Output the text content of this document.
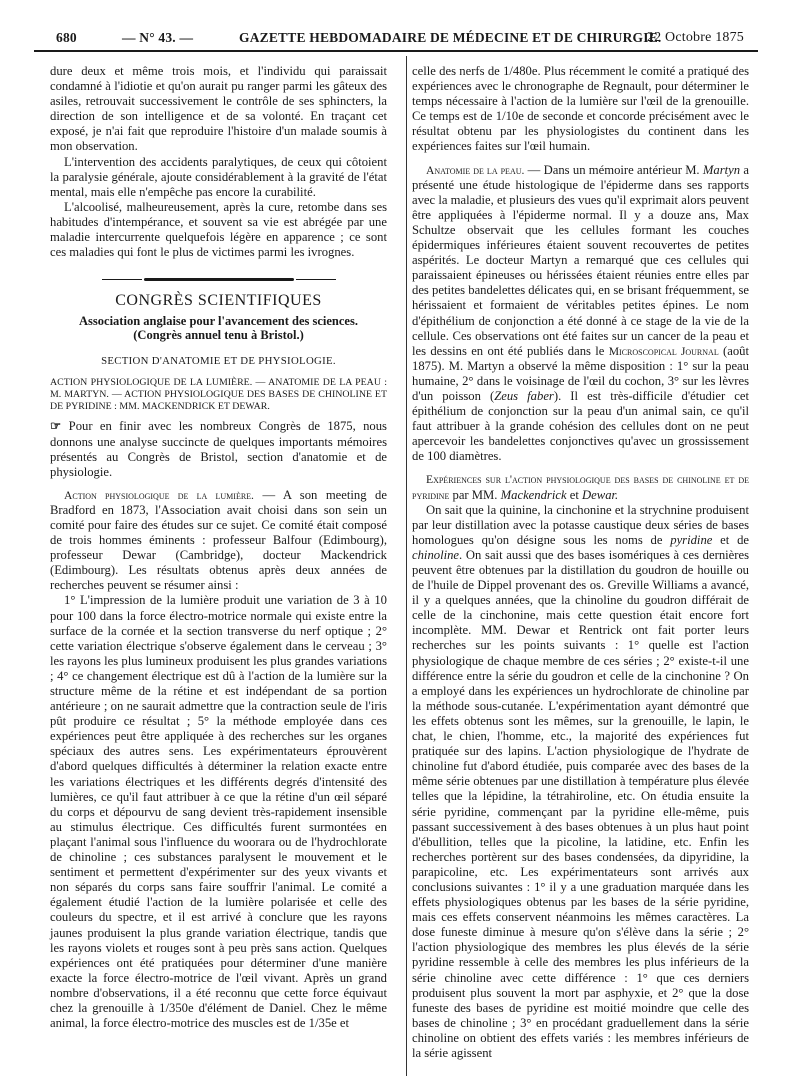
680	— N° 43. —	GAZETTE HEBDOMADAIRE DE MÉDECINE ET DE CHIRURGIE.
22 Octobre 1875

dure deux et même trois mois, et l'individu qui paraissait condamné à l'idiotie et qu'on aurait pu ranger parmi les gâteux des asiles, retrouvait successivement le contrôle de ses sphincters, la direction de son intelligence et de sa volonté. En traçant cet exposé, je n'ai fait que reproduire l'histoire d'un malade soumis à mon observation.

L'intervention des accidents paralytiques, de ceux qui côtoient la paralysie générale, ajoute considérablement à la gravité de l'état mental, mais elle n'empêche pas encore la curabilité.

L'alcoolisé, malheureusement, après la cure, retombe dans ses habitudes d'intempérance, et souvent sa vie est abrégée par une maladie intercurrente quelquefois légère en apparence ; ce sont ces maladies qui font le plus de victimes parmi les ivrognes.

CONGRÈS SCIENTIFIQUES
Association anglaise pour l'avancement des sciences.
(Congrès annuel tenu à Bristol.)
SECTION D'ANATOMIE ET DE PHYSIOLOGIE.

ACTION PHYSIOLOGIQUE DE LA LUMIÈRE. — ANATOMIE DE LA PEAU : M. MARTYN. — ACTION PHYSIOLOGIQUE DES BASES DE CHINOLINE ET DE PYRIDINE : MM. MACKENDRICK ET DEWAR.

☞ Pour en finir avec les nombreux Congrès de 1875, nous donnons une analyse succincte de quelques importants mémoires présentés au Congrès de Bristol, section d'anatomie et de physiologie.

Action physiologique de la lumière. — A son meeting de Bradford en 1873, l'Association avait choisi dans son sein un comité pour faire des études sur ce sujet. Ce comité était composé de trois hommes éminents : professeur Balfour (Edimbourg), professeur Dewar (Cambridge), docteur Mackendrick (Edimbourg). Les résultats obtenus après deux années de recherches peuvent se résumer ainsi :

1° L'impression de la lumière produit une variation de 3 à 10 pour 100 dans la force électro-motrice normale qui existe entre la surface de la cornée et la section transverse du nerf optique ; 2° cette variation électrique s'observe également dans le cerveau ; 3° les rayons les plus lumineux produisent les plus grandes variations ; 4° ce changement électrique est dû à l'action de la lumière sur la structure même de la rétine et est indépendant de sa portion antérieure ; on ne saurait admettre que la contraction seule de l'iris pût produire ce résultat ; 5° la méthode employée dans ces expériences peut être appliquée à des recherches sur les organes spéciaux des autres sens. Les expérimentateurs éprouvèrent d'abord quelques difficultés à déterminer la relation exacte entre les variations électriques et les différents degrés d'intensité des lumières, ce qu'il faut attribuer à ce que la rétine d'un œil séparé du corps et dépourvu de sang devient très-rapidement insensible au stimulus électrique. Ces difficultés furent surmontées en plaçant l'animal sous l'influence du woorara ou de l'hydrochlorate de chinoline ; ces substances paralysent le mouvement et le sentiment et permettent d'expérimenter sur des yeux vivants et non séparés du corps sans faire souffrir l'animal. Le comité a également étudié l'action de la lumière polarisée et celle des couleurs du spectre, et il est arrivé à conclure que les rayons jaunes produisent la plus grande variation électrique, tandis que les rayons violets et rouges sont à peu près sans action. Quelques expériences ont été pratiquées pour déterminer d'une manière exacte la force électro-motrice de l'œil vivant. Après un grand nombre d'observations, il a été reconnu que cette force équivaut chez la grenouille à 1/350e d'élément de Daniel. Chez le même animal, la force électro-motrice des muscles est de 1/35e et

celle des nerfs de 1/480e. Plus récemment le comité a pratiqué des expériences avec le chronographe de Regnault, pour déterminer le temps nécessaire à l'action de la lumière sur l'œil de la grenouille. Ce temps est de 1/10e de seconde et concorde précisément avec le résultat obtenu par les physiologistes du continent dans les expériences faites sur l'œil humain.

Anatomie de la peau. — Dans un mémoire antérieur M. Martyn a présenté une étude histologique de l'épiderme dans ses rapports avec la maladie, et plusieurs des vues qu'il exprimait alors peuvent être appliquées à l'épiderme normal. Il y a douze ans, Max Schultze observait que les cellules formant les couches épidermiques inférieures étaient souvent recouvertes de petites aspérités. Le docteur Martyn a remarqué que ces cellules qui paraissaient épineuses ou hérissées étaient réunies entre elles par des petites bandelettes délicates qui, en se brisant fréquemment, se hérissaient et formaient de véritables petites épines. Le nom d'épithélium de conjonction a été donné à ce stage de la vie de la cellule. Ces observations ont été faites sur un cancer de la peau et les dessins en ont été publiés dans le Microscopical Journal (août 1875). M. Martyn a observé la même disposition : 1° sur la peau humaine, 2° dans le voisinage de l'œil du cochon, 3° sur les lèvres d'un poisson (Zeus faber). Il est très-difficile d'étudier cet épithélium de conjonction sur la peau d'un animal sain, ce qu'il faut attribuer à la grande cohésion des cellules dont on ne peut apercevoir les bandelettes conjonctives qu'avec un grossissement de 100 diamètres.

Expériences sur l'action physiologique des bases de chinoline et de pyridine par MM. Mackendrick et Dewar.

On sait que la quinine, la cinchonine et la strychnine produisent par leur distillation avec la potasse caustique deux séries de bases homologues qu'on désigne sous les noms de pyridine et de chinoline. On sait aussi que des bases isomériques à ces dernières peuvent être obtenues par la distillation du goudron de houille ou de l'huile de Dippel provenant des os. Greville Williams a avancé, il y a quelques années, que la chinoline du goudron différait de celle de la cinchonine, mais cette question était encore fort incomplète. MM. Dewar et Rentrick ont fait porter leurs recherches sur les points suivants : 1° quelle est l'action physiologique de chaque membre de ces séries ; 2° existe-t-il une différence entre la série du goudron et celle de la cinchonine ? On a employé dans les expériences un hydrochlorate de chinoline par la méthode sous-cutanée. L'expérimentation ayant démontré que les effets obtenus sont les mêmes, sur la grenouille, le lapin, le chat, le chien, l'homme, etc., la majorité des expériences fut pratiquée sur des lapins. L'action physiologique de l'hydrate de chinoline fut d'abord étudiée, puis comparée avec des bases de la même série obtenues par une distillation à température plus élevée telles que la lépidine, la tétrahiroline, etc. On étudia ensuite la série pyridine, commençant par la pyridine elle-même, puis passant successivement à des bases obtenues à un plus haut point d'ébullition, telles que la picoline, la latidine, etc. Enfin les recherches portèrent sur des bases condensées, da dipyridine, la parapicoline, etc. Les expérimentateurs sont arrivés aux conclusions suivantes : 1° il y a une graduation marquée dans les effets physiologiques obtenus par les bases de la série pyridine, mais ces effets conservent néanmoins les mêmes caractères. La dose funeste diminue à mesure qu'on s'élève dans la série ; 2° l'action physiologique des membres les plus élevés de la série pyridine ressemble à celle des membres les plus inférieurs de la série chinoline avec cette différence : 1° que ces derniers produisent plus souvent la mort par asphyxie, et 2° que la dose funeste des bases de pyridine est moitié moindre que celle des bases de chinoline ; 3° en procédant graduellement dans la série chinoline on obtient des effets variés : les membres inférieurs de la série agissent
